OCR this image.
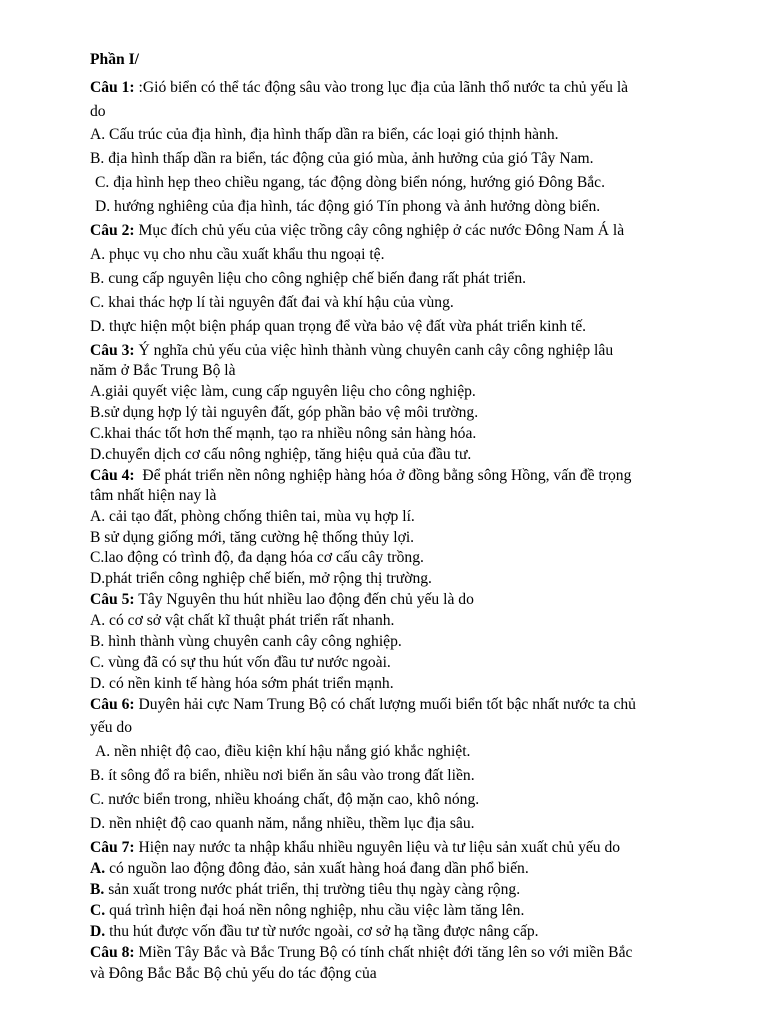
Phần I/

Câu 1: :Gió biển có thể tác động sâu vào trong lục địa của lãnh thổ nước ta chủ yếu là

do

A. Cấu trúc của địa hình, địa hình thấp dần ra biển, các loại gió thịnh hành.

B. địa hình thấp dần ra biển, tác động của gió mùa, ảnh hưởng của gió Tây Nam.

C. địa hình hẹp theo chiều ngang, tác động dòng biển nóng, hướng gió Đông Bắc.

D. hướng nghiêng của địa hình, tác động gió Tín phong và ảnh hưởng dòng biển.

Câu 2: Mục đích chủ yếu của việc trồng cây công nghiệp ở các nước Đông Nam Á là

A. phục vụ cho nhu cầu xuất khẩu thu ngoại tệ.

B. cung cấp nguyên liệu cho công nghiệp chế biến đang rất phát triển.

C. khai thác hợp lí tài nguyên đất đai và khí hậu của vùng.

D. thực hiện một biện pháp quan trọng để vừa bảo vệ đất vừa phát triển kinh tế.

Câu 3: Ý nghĩa chủ yếu của việc hình thành vùng chuyên canh cây công nghiệp lâu

năm ở Bắc Trung Bộ là

A.giải quyết việc làm, cung cấp nguyên liệu cho công nghiệp.

B.sử dụng hợp lý tài nguyên đất, góp phần bảo vệ môi trường.

C.khai thác tốt hơn thế mạnh, tạo ra nhiều nông sản hàng hóa.

D.chuyển dịch cơ cấu nông nghiệp, tăng hiệu quả của đầu tư.

Câu 4:  Để phát triển nền nông nghiệp hàng hóa ở đồng bằng sông Hồng, vấn đề trọng

tâm nhất hiện nay là

A. cải tạo đất, phòng chống thiên tai, mùa vụ hợp lí.

B sử dụng giống mới, tăng cường hệ thống thủy lợi.

C.lao động có trình độ, đa dạng hóa cơ cấu cây trồng.

D.phát triển công nghiệp chế biến, mở rộng thị trường.

Câu 5: Tây Nguyên thu hút nhiều lao động đến chủ yếu là do

A. có cơ sở vật chất kĩ thuật phát triển rất nhanh.

B. hình thành vùng chuyên canh cây công nghiệp.

C. vùng đã có sự thu hút vốn đầu tư nước ngoài.

D. có nền kinh tế hàng hóa sớm phát triển mạnh.

Câu 6: Duyên hải cực Nam Trung Bộ có chất lượng muối biển tốt bậc nhất nước ta chủ

yếu do

A. nền nhiệt độ cao, điều kiện khí hậu nắng gió khắc nghiệt.

B. ít sông đổ ra biển, nhiều nơi biển ăn sâu vào trong đất liền.

C. nước biển trong, nhiều khoáng chất, độ mặn cao, khô nóng.

D. nền nhiệt độ cao quanh năm, nắng nhiều, thềm lục địa sâu.

Câu 7: Hiện nay nước ta nhập khẩu nhiều nguyên liệu và tư liệu sản xuất chủ yếu do

A. có nguồn lao động đông đảo, sản xuất hàng hoá đang dần phổ biến.

B. sản xuất trong nước phát triển, thị trường tiêu thụ ngày càng rộng.

C. quá trình hiện đại hoá nền nông nghiệp, nhu cầu việc làm tăng lên.

D. thu hút được vốn đầu tư từ nước ngoài, cơ sở hạ tầng được nâng cấp.

Câu 8: Miền Tây Bắc và Bắc Trung Bộ có tính chất nhiệt đới tăng lên so với miền Bắc

và Đông Bắc Bắc Bộ chủ yếu do tác động của
